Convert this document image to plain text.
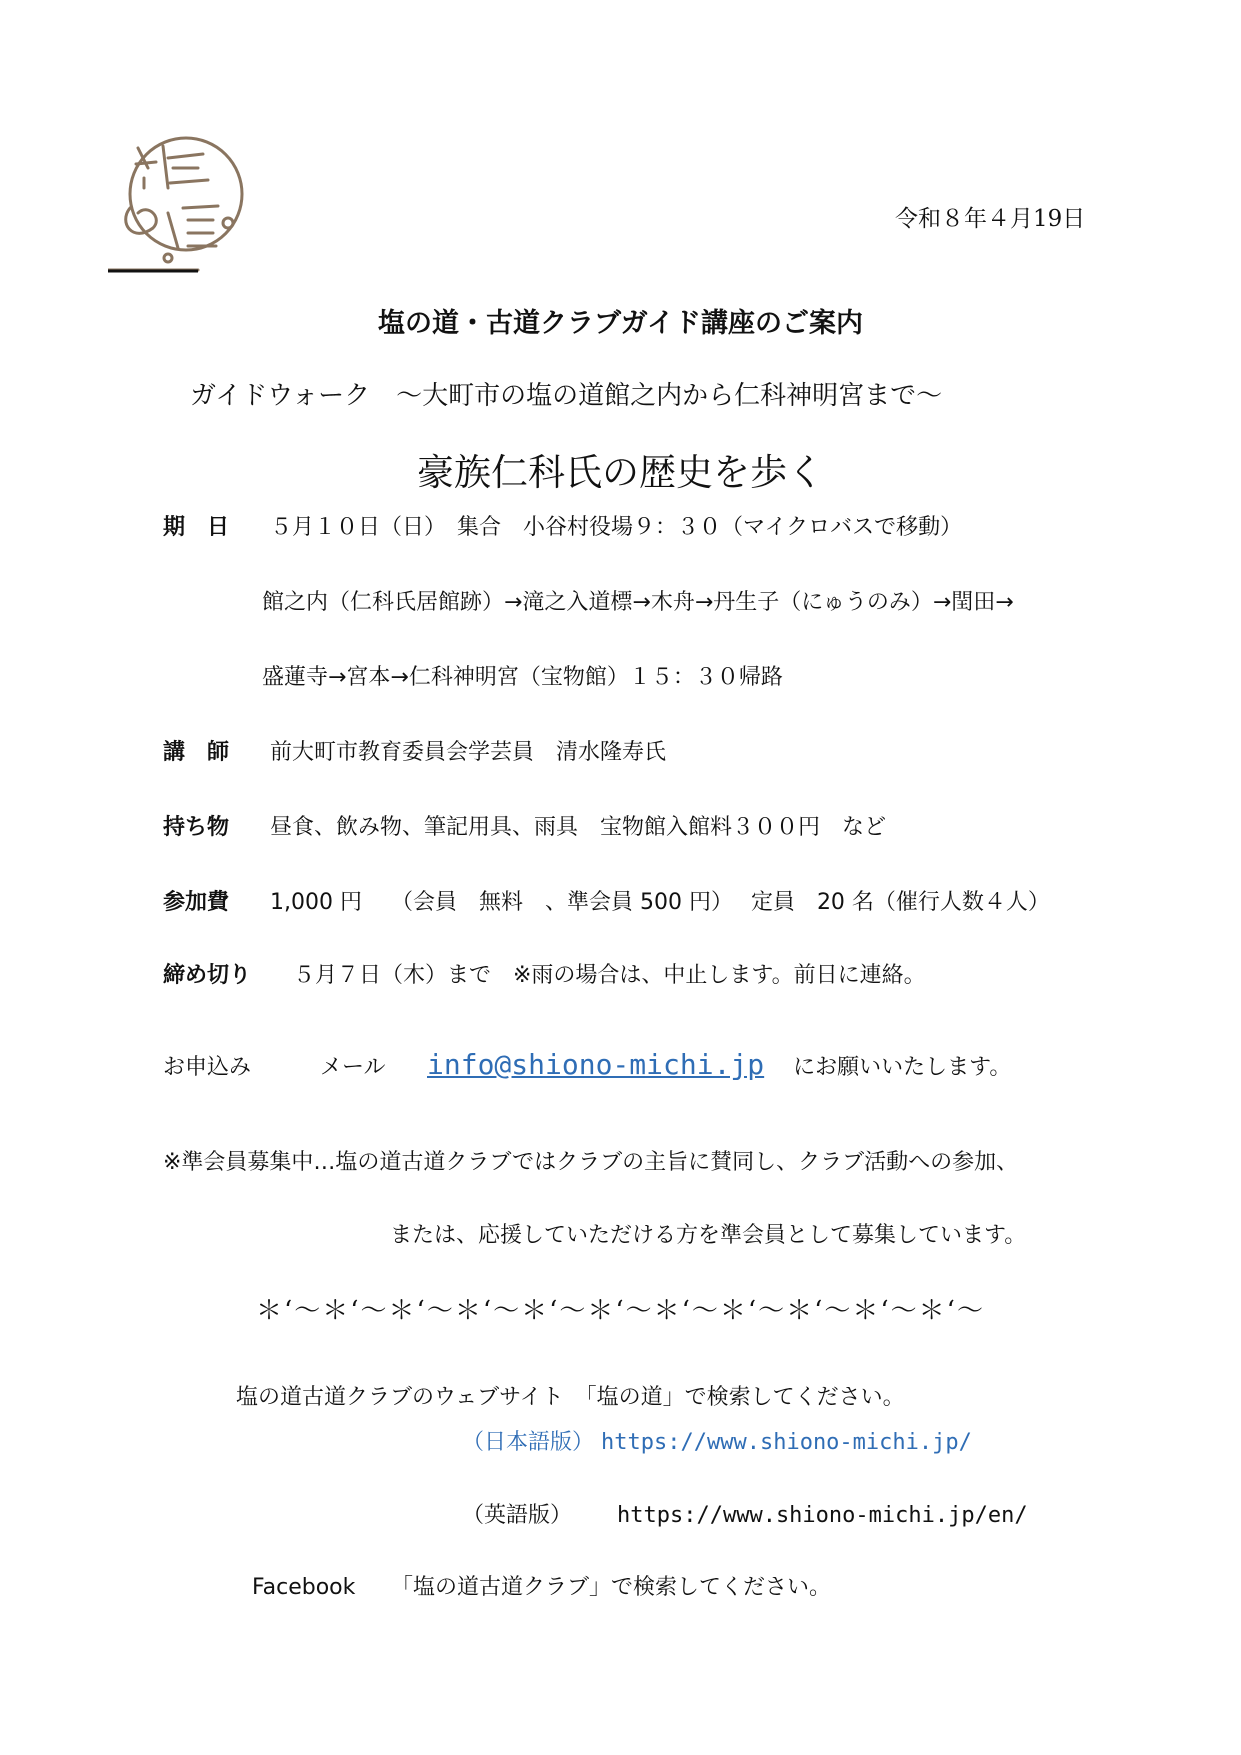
令和８年４月19日
塩の道・古道クラブガイド講座のご案内
ガイドウォーク　～大町市の塩の道館之内から仁科神明宮まで～
豪族仁科氏の歴史を歩く
期　日 ５月１０日（日）　集合　小谷村役場９：３０（マイクロバスで移動）
館之内（仁科氏居館跡）→滝之入道標→木舟→丹生子（にゅうのみ）→閏田→
盛蓮寺→宮本→仁科神明宮（宝物館）１５：３０帰路
講　師 前大町市教育委員会学芸員　清水隆寿氏
持ち物 昼食、飲み物、筆記用具、雨具　宝物館入館料３００円　など
参加費 1,000 円　 （会員　無料　、準会員 500 円）　 定員　20 名（催行人数４人）
締め切り ５月７日（木）まで　※雨の場合は、中止します。前日に連絡。
お申込み	メール info@shiono-michi.jp にお願いいたします。
※準会員募集中…塩の道古道クラブではクラブの主旨に賛同し、クラブ活動への参加、
または、応援していただける方を準会員として募集しています。
＊‘～＊‘～＊‘～＊‘～＊‘～＊‘～＊‘～＊‘～＊‘～＊‘～＊‘～
塩の道古道クラブのウェブサイト　「塩の道」で検索してください。
（日本語版） https://www.shiono-michi.jp/
（英語版） https://www.shiono-michi.jp/en/
Facebook 「塩の道古道クラブ」で検索してください。
